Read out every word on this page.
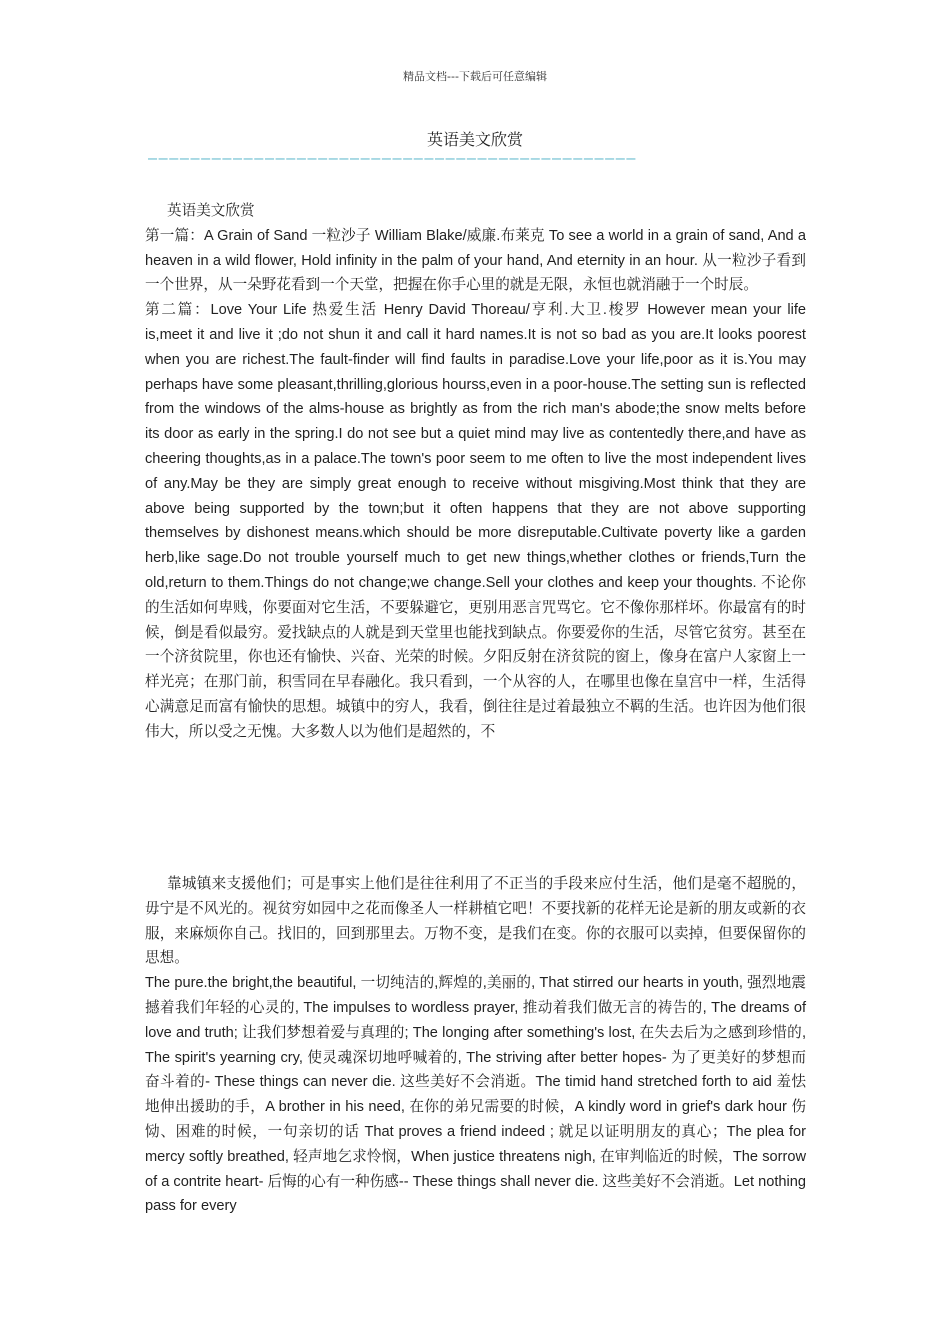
精品文档---下载后可任意编辑
英语美文欣赏
——————————————————————————————————————————————

英语美文欣赏

第一篇：A Grain of Sand 一粒沙子 William Blake/威廉.布莱克 To see a world in a grain of sand, And a heaven in a wild flower, Hold infinity in the palm of your hand, And eternity in an hour. 从一粒沙子看到一个世界，从一朵野花看到一个天堂，把握在你手心里的就是无限，永恒也就消融于一个时辰。

第二篇：Love Your Life 热爱生活 Henry David Thoreau/亨利.大卫.梭罗 However mean your life is,meet it and live it ;do not shun it and call it hard names.It is not so bad as you are.It looks poorest when you are richest.The fault-finder will find faults in paradise.Love your life,poor as it is.You may perhaps have some pleasant,thrilling,glorious hourss,even in a poor-house.The setting sun is reflected from the windows of the alms-house as brightly as from the rich man's abode;the snow melts before its door as early in the spring.I do not see but a quiet mind may live as contentedly there,and have as cheering thoughts,as in a palace.The town's poor seem to me often to live the most independent lives of any.May be they are simply great enough to receive without misgiving.Most think that they are above being supported by the town;but it often happens that they are not above supporting themselves by dishonest means.which should be more disreputable.Cultivate poverty like a garden herb,like sage.Do not trouble yourself much to get new things,whether clothes or friends,Turn the old,return to them.Things do not change;we change.Sell your clothes and keep your thoughts. 不论你的生活如何卑贱，你要面对它生活，不要躲避它，更别用恶言咒骂它。它不像你那样坏。你最富有的时候，倒是看似最穷。爱找缺点的人就是到天堂里也能找到缺点。你要爱你的生活，尽管它贫穷。甚至在一个济贫院里，你也还有愉快、兴奋、光荣的时候。夕阳反射在济贫院的窗上，像身在富户人家窗上一样光亮；在那门前，积雪同在早春融化。我只看到，一个从容的人，在哪里也像在皇宫中一样，生活得心满意足而富有愉快的思想。城镇中的穷人，我看，倒往往是过着最独立不羁的生活。也许因为他们很伟大，所以受之无愧。大多数人以为他们是超然的，不

靠城镇来支援他们；可是事实上他们是往往利用了不正当的手段来应付生活，他们是毫不超脱的，毋宁是不风光的。视贫穷如园中之花而像圣人一样耕植它吧！不要找新的花样无论是新的朋友或新的衣服，来麻烦你自己。找旧的，回到那里去。万物不变，是我们在变。你的衣服可以卖掉，但要保留你的思想。

The pure.the bright,the beautiful, 一切纯洁的,辉煌的,美丽的, That stirred our hearts in youth, 强烈地震撼着我们年轻的心灵的, The impulses to wordless prayer, 推动着我们做无言的祷告的, The dreams of love and truth; 让我们梦想着爱与真理的; The longing after something's lost, 在失去后为之感到珍惜的, The spirit's yearning cry, 使灵魂深切地呼喊着的, The striving after better hopes- 为了更美好的梦想而奋斗着的- These things can never die. 这些美好不会消逝。The timid hand stretched forth to aid 羞怯地伸出援助的手，A brother in his need, 在你的弟兄需要的时候，A kindly word in grief's dark hour 伤恸、困难的时候，一句亲切的话 That proves a friend indeed ; 就足以证明朋友的真心；The plea for mercy softly breathed, 轻声地乞求怜悯，When justice threatens nigh, 在审判临近的时候，The sorrow of a contrite heart- 后悔的心有一种伤感-- These things shall never die. 这些美好不会消逝。Let nothing pass for every
